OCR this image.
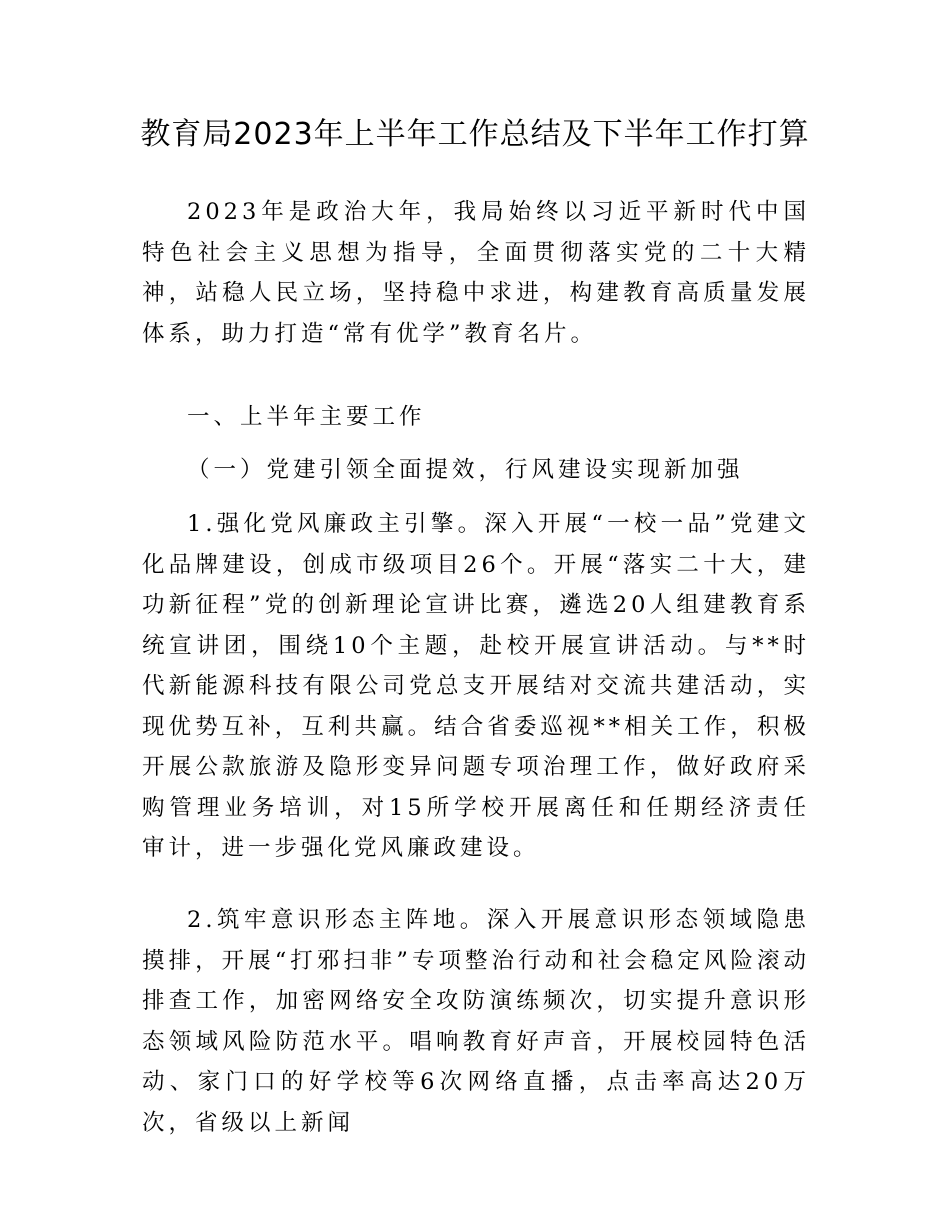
教育局2023年上半年工作总结及下半年工作打算

2023年是政治大年，我局始终以习近平新时代中国特色社会主义思想为指导，全面贯彻落实党的二十大精神，站稳人民立场，坚持稳中求进，构建教育高质量发展体系，助力打造“常有优学”教育名片。

一、上半年主要工作

（一）党建引领全面提效，行风建设实现新加强

1.强化党风廉政主引擎。深入开展“一校一品”党建文化品牌建设，创成市级项目26个。开展“落实二十大，建功新征程”党的创新理论宣讲比赛，遴选20人组建教育系统宣讲团，围绕10个主题，赴校开展宣讲活动。与**时代新能源科技有限公司党总支开展结对交流共建活动，实现优势互补，互利共赢。结合省委巡视**相关工作，积极开展公款旅游及隐形变异问题专项治理工作，做好政府采购管理业务培训，对15所学校开展离任和任期经济责任审计，进一步强化党风廉政建设。

2.筑牢意识形态主阵地。深入开展意识形态领域隐患摸排，开展“打邪扫非”专项整治行动和社会稳定风险滚动排查工作，加密网络安全攻防演练频次，切实提升意识形态领域风险防范水平。唱响教育好声音，开展校园特色活动、家门口的好学校等6次网络直播，点击率高达20万次，省级以上新闻
